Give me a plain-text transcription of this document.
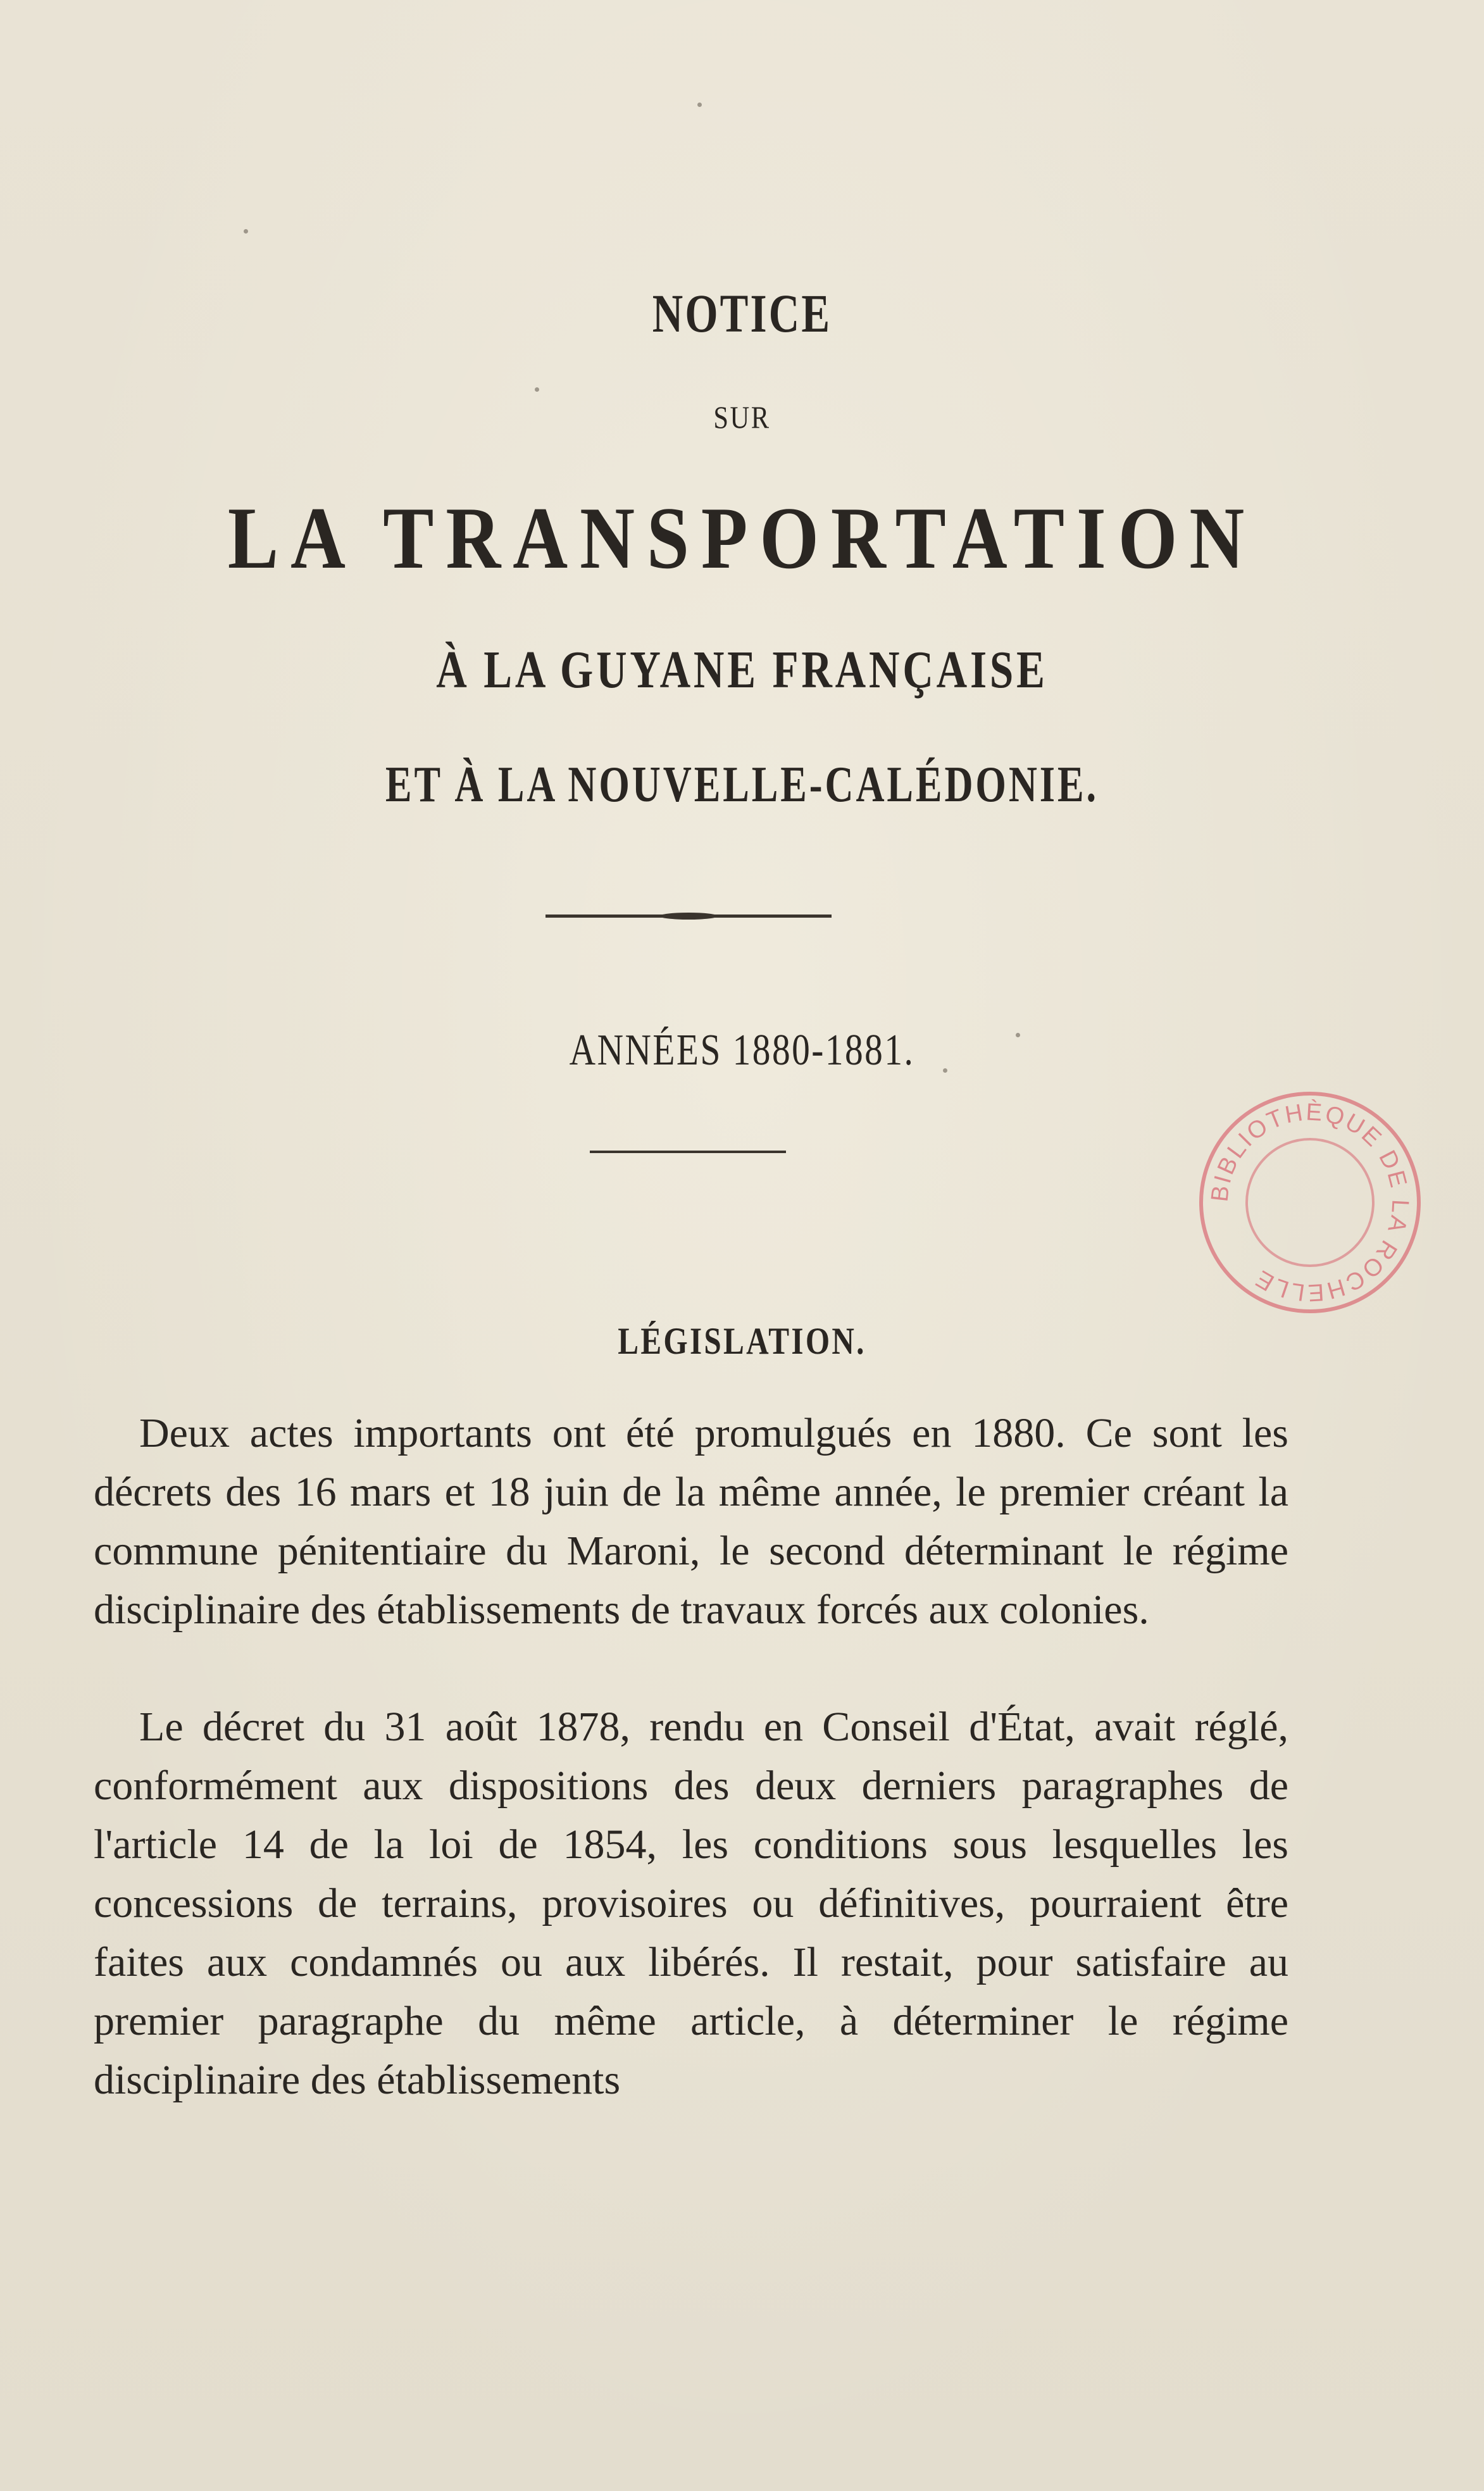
NOTICE
SUR
LA TRANSPORTATION
À LA GUYANE FRANÇAISE
ET À LA NOUVELLE-CALÉDONIE.
ANNÉES 1880-1881.
LÉGISLATION.
Deux actes importants ont été promulgués en 1880. Ce sont les décrets des 16 mars et 18 juin de la même année, le premier créant la commune pénitentiaire du Maroni, le second déterminant le régime disciplinaire des établissements de travaux forcés aux colonies.
Le décret du 31 août 1878, rendu en Conseil d'État, avait réglé, conformément aux dispositions des deux derniers paragraphes de l'article 14 de la loi de 1854, les conditions sous lesquelles les concessions de terrains, provisoires ou définitives, pourraient être faites aux condamnés ou aux libérés. Il restait, pour satisfaire au premier paragraphe du même article, à déterminer le régime disciplinaire des établissements
BIBLIOTHÈQUE DE LA ROCHELLE
